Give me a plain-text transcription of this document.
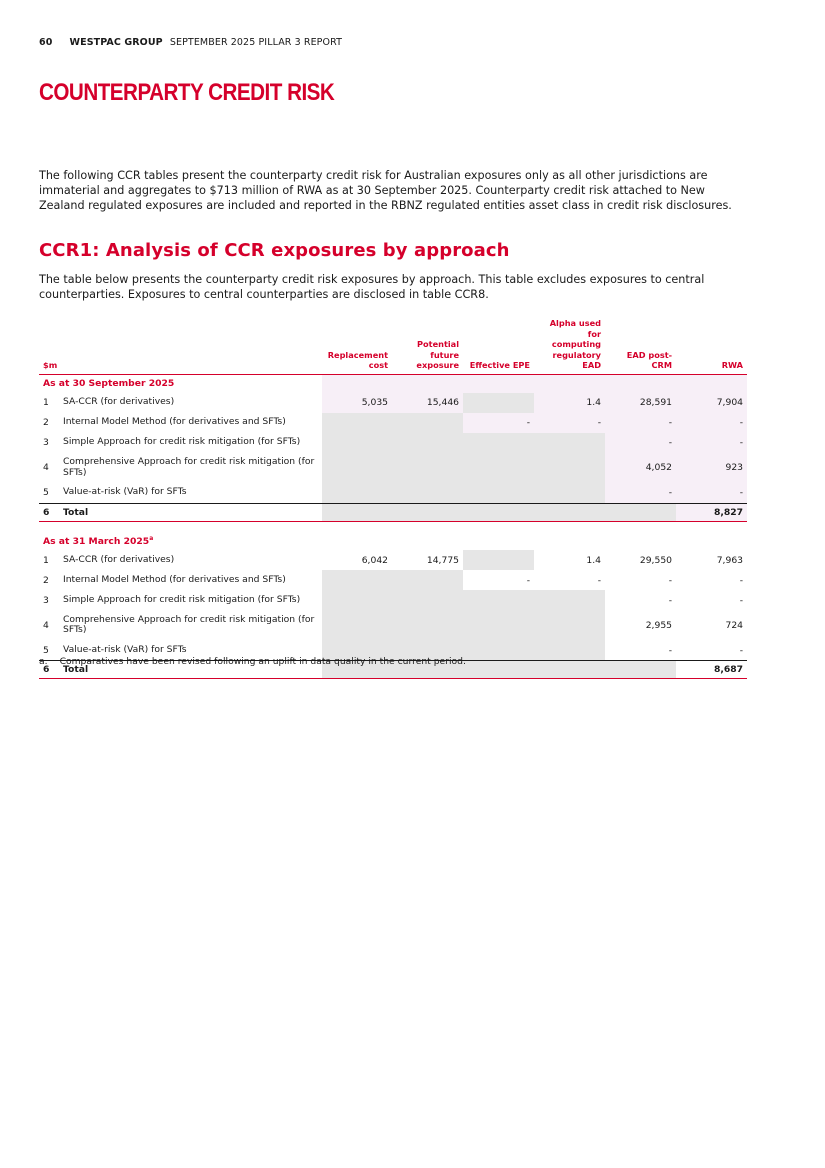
60 WESTPAC GROUP SEPTEMBER 2025 PILLAR 3 REPORT
COUNTERPARTY CREDIT RISK

The following CCR tables present the counterparty credit risk for Australian exposures only as all other jurisdictions are immaterial and aggregates to $713 million of RWA as at 30 September 2025. Counterparty credit risk attached to New Zealand regulated exposures are included and reported in the RBNZ regulated entities asset class in credit risk disclosures.

CCR1: Analysis of CCR exposures by approach

The table below presents the counterparty credit risk exposures by approach. This table excludes exposures to central counterparties. Exposures to central counterparties are disclosed in table CCR8.

$m		Replacement cost	Potential future exposure	Effective EPE	Alpha used for computing regulatory EAD	EAD post-CRM	RWA
As at 30 September 2025							
1	SA-CCR (for derivatives)	5,035	15,446		1.4	28,591	7,904
2	Internal Model Method (for derivatives and SFTs)			-	-	-	-
3	Simple Approach for credit risk mitigation (for SFTs)					-	-
4	Comprehensive Approach for credit risk mitigation (for SFTs)					4,052	923
5	Value-at-risk (VaR) for SFTs					-	-
6	Total						8,827

As at 31 March 2025$^a$						
1	SA-CCR (for derivatives)	6,042	14,775		1.4	29,550	7,963
2	Internal Model Method (for derivatives and SFTs)			-	-	-	-
3	Simple Approach for credit risk mitigation (for SFTs)					-	-
4	Comprehensive Approach for credit risk mitigation (for SFTs)					2,955	724
5	Value-at-risk (VaR) for SFTs					-	-
6	Total						8,687
a. Comparatives have been revised following an uplift in data quality in the current period.
